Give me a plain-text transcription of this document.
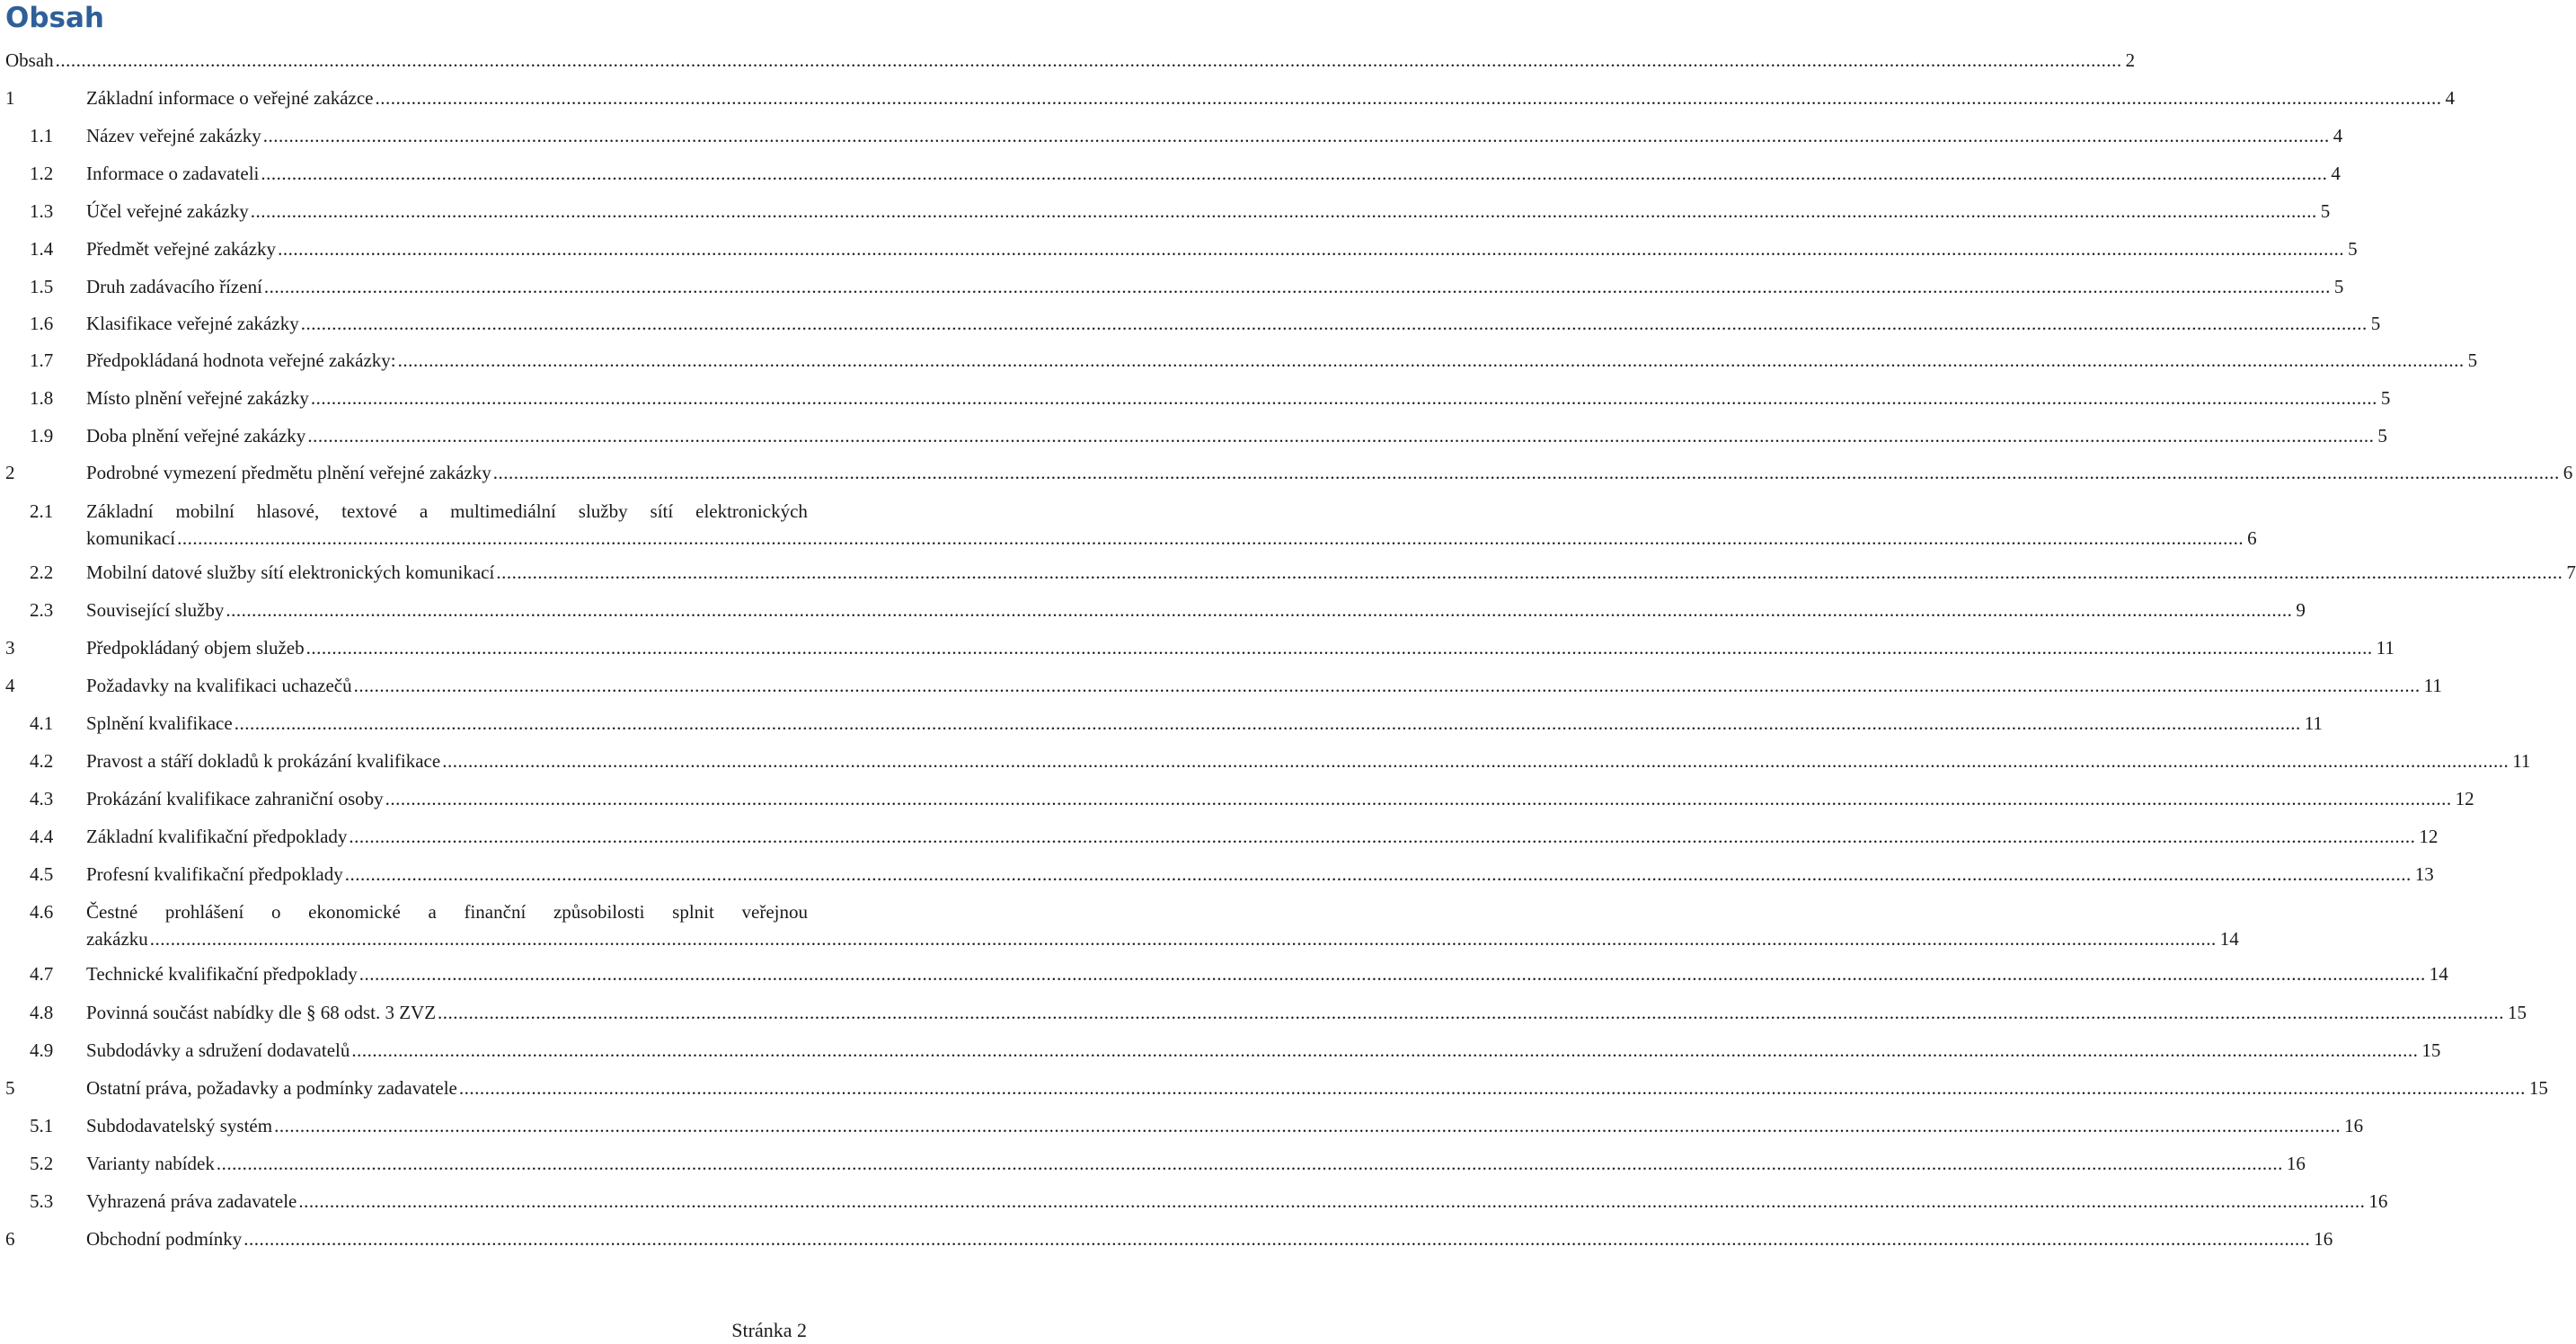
Obsah
Obsah ................................................................................................................................................................................................................................................................................................................................................................................................................ 2
1	Základní informace o veřejné zakázce ................................................................................................................................................................................................................................................................................................................................................................................................................ 4
1.1 Název veřejné zakázky ................................................................................................................................................................................................................................................................................................................................................................................................................ 4
1.2 Informace o zadavateli ................................................................................................................................................................................................................................................................................................................................................................................................................ 4
1.3 Účel veřejné zakázky ................................................................................................................................................................................................................................................................................................................................................................................................................ 5
1.4 Předmět veřejné zakázky ................................................................................................................................................................................................................................................................................................................................................................................................................ 5
1.5 Druh zadávacího řízení ................................................................................................................................................................................................................................................................................................................................................................................................................ 5
1.6 Klasifikace veřejné zakázky ................................................................................................................................................................................................................................................................................................................................................................................................................ 5
1.7 Předpokládaná hodnota veřejné zakázky: ................................................................................................................................................................................................................................................................................................................................................................................................................ 5
1.8 Místo plnění veřejné zakázky ................................................................................................................................................................................................................................................................................................................................................................................................................ 5
1.9 Doba plnění veřejné zakázky ................................................................................................................................................................................................................................................................................................................................................................................................................ 5
2	Podrobné vymezení předmětu plnění veřejné zakázky ................................................................................................................................................................................................................................................................................................................................................................................................................ 6
2.1 Základní mobilní hlasové, textové a multimediální služby sítí elektronických
komunikací ................................................................................................................................................................................................................................................................................................................................................................................................................ 6
2.2 Mobilní datové služby sítí elektronických komunikací ................................................................................................................................................................................................................................................................................................................................................................................................................ 7
2.3 Související služby ................................................................................................................................................................................................................................................................................................................................................................................................................ 9
3	Předpokládaný objem služeb ................................................................................................................................................................................................................................................................................................................................................................................................................ 11
4	Požadavky na kvalifikaci uchazečů ................................................................................................................................................................................................................................................................................................................................................................................................................ 11
4.1 Splnění kvalifikace ................................................................................................................................................................................................................................................................................................................................................................................................................ 11
4.2 Pravost a stáří dokladů k prokázání kvalifikace ................................................................................................................................................................................................................................................................................................................................................................................................................ 11
4.3 Prokázání kvalifikace zahraniční osoby ................................................................................................................................................................................................................................................................................................................................................................................................................ 12
4.4 Základní kvalifikační předpoklady ................................................................................................................................................................................................................................................................................................................................................................................................................ 12
4.5 Profesní kvalifikační předpoklady ................................................................................................................................................................................................................................................................................................................................................................................................................ 13
4.6 Čestné prohlášení o ekonomické a finanční způsobilosti splnit veřejnou
zakázku ................................................................................................................................................................................................................................................................................................................................................................................................................ 14
4.7 Technické kvalifikační předpoklady ................................................................................................................................................................................................................................................................................................................................................................................................................ 14
4.8 Povinná součást nabídky dle § 68 odst. 3 ZVZ ................................................................................................................................................................................................................................................................................................................................................................................................................ 15
4.9 Subdodávky a sdružení dodavatelů ................................................................................................................................................................................................................................................................................................................................................................................................................ 15
5	Ostatní práva, požadavky a podmínky zadavatele ................................................................................................................................................................................................................................................................................................................................................................................................................ 15
5.1 Subdodavatelský systém ................................................................................................................................................................................................................................................................................................................................................................................................................ 16
5.2 Varianty nabídek ................................................................................................................................................................................................................................................................................................................................................................................................................ 16
5.3 Vyhrazená práva zadavatele ................................................................................................................................................................................................................................................................................................................................................................................................................ 16
6	Obchodní podmínky ................................................................................................................................................................................................................................................................................................................................................................................................................ 16
Stránka 2
